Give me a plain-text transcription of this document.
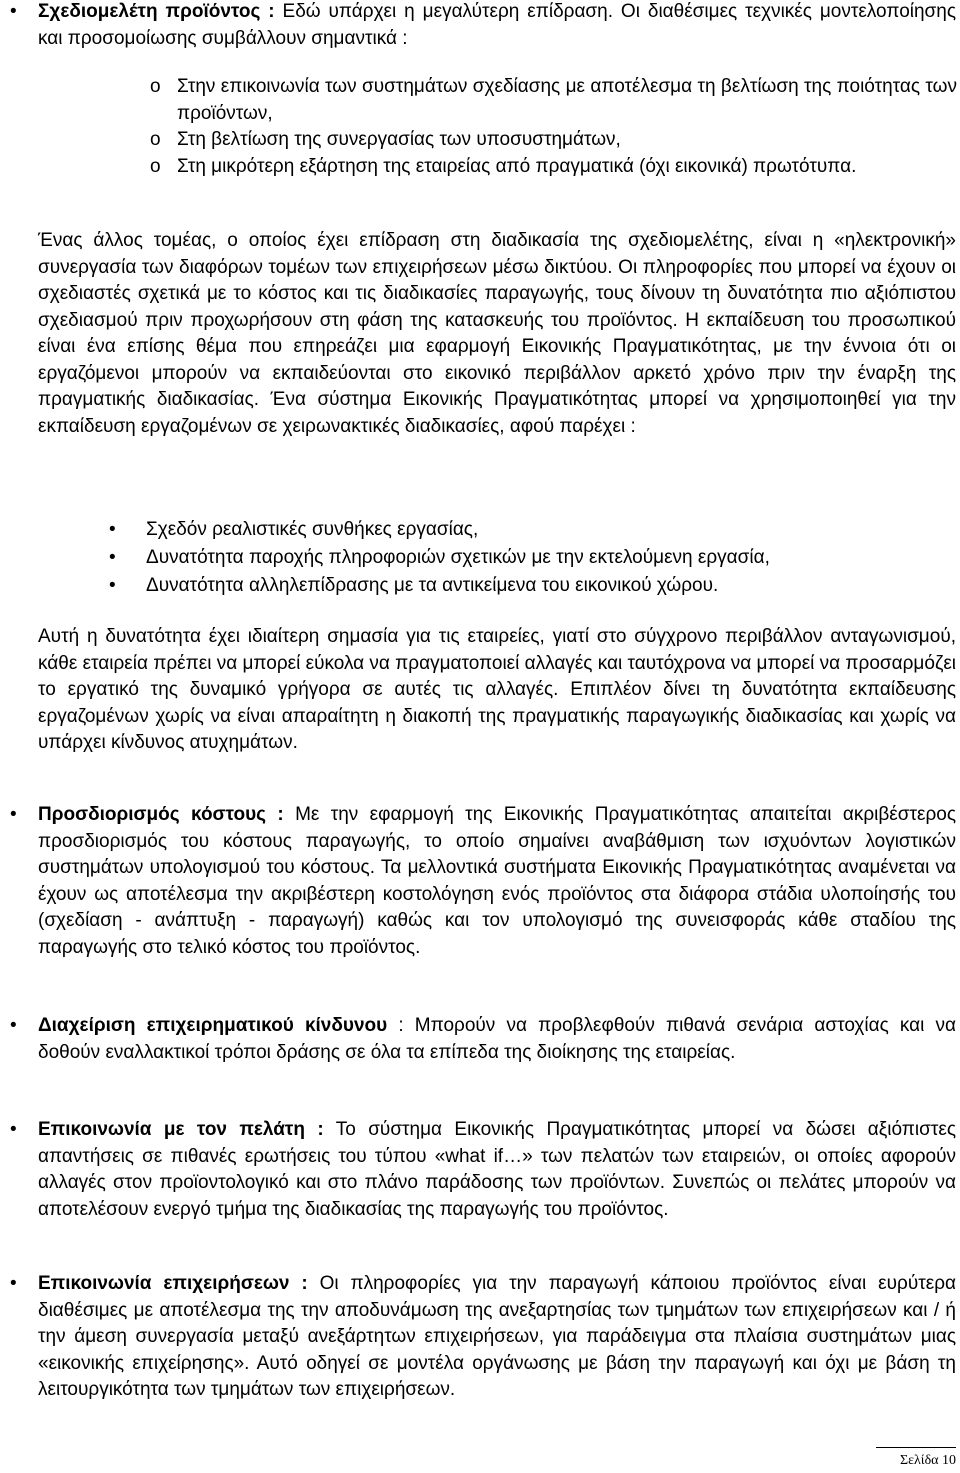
• Σχεδιομελέτη προϊόντος : Εδώ υπάρχει η μεγαλύτερη επίδραση. Οι διαθέσιμες τεχνικές μοντελοποίησης και προσομοίωσης συμβάλλουν σημαντικά :
o Στην επικοινωνία των συστημάτων σχεδίασης με αποτέλεσμα τη βελτίωση της ποιότητας των προϊόντων,
o Στη βελτίωση της συνεργασίας των υποσυστημάτων,
o Στη μικρότερη εξάρτηση της εταιρείας από πραγματικά (όχι εικονικά) πρωτότυπα.

Ένας άλλος τομέας, ο οποίος έχει επίδραση στη διαδικασία της σχεδιομελέτης, είναι η «ηλεκτρονική» συνεργασία των διαφόρων τομέων των επιχειρήσεων μέσω δικτύου. Οι πληροφορίες που μπορεί να έχουν οι σχεδιαστές σχετικά με το κόστος και τις διαδικασίες παραγωγής, τους δίνουν τη δυνατότητα πιο αξιόπιστου σχεδιασμού πριν προχωρήσουν στη φάση της κατασκευής του προϊόντος. Η εκπαίδευση του προσωπικού είναι ένα επίσης θέμα που επηρεάζει μια εφαρμογή Εικονικής Πραγματικότητας, με την έννοια ότι οι εργαζόμενοι μπορούν να εκπαιδεύονται στο εικονικό περιβάλλον αρκετό χρόνο πριν την έναρξη της πραγματικής διαδικασίας. Ένα σύστημα Εικονικής Πραγματικότητας μπορεί να χρησιμοποιηθεί για την εκπαίδευση εργαζομένων σε χειρωνακτικές διαδικασίες, αφού παρέχει :

• Σχεδόν ρεαλιστικές συνθήκες εργασίας,
• Δυνατότητα παροχής πληροφοριών σχετικών με την εκτελούμενη εργασία,
• Δυνατότητα αλληλεπίδρασης με τα αντικείμενα του εικονικού χώρου.

Αυτή η δυνατότητα έχει ιδιαίτερη σημασία για τις εταιρείες, γιατί στο σύγχρονο περιβάλλον ανταγωνισμού, κάθε εταιρεία πρέπει να μπορεί εύκολα να πραγματοποιεί αλλαγές και ταυτόχρονα να μπορεί να προσαρμόζει το εργατικό της δυναμικό γρήγορα σε αυτές τις αλλαγές. Επιπλέον δίνει τη δυνατότητα εκπαίδευσης εργαζομένων χωρίς να είναι απαραίτητη η διακοπή της πραγματικής παραγωγικής διαδικασίας και χωρίς να υπάρχει κίνδυνος ατυχημάτων.

• Προσδιορισμός κόστους : Με την εφαρμογή της Εικονικής Πραγματικότητας απαιτείται ακριβέστερος προσδιορισμός του κόστους παραγωγής, το οποίο σημαίνει αναβάθμιση των ισχυόντων λογιστικών συστημάτων υπολογισμού του κόστους. Τα μελλοντικά συστήματα Εικονικής Πραγματικότητας αναμένεται να έχουν ως αποτέλεσμα την ακριβέστερη κοστολόγηση ενός προϊόντος στα διάφορα στάδια υλοποίησής του (σχεδίαση - ανάπτυξη - παραγωγή) καθώς και τον υπολογισμό της συνεισφοράς κάθε σταδίου της παραγωγής στο τελικό κόστος του προϊόντος.
• Διαχείριση επιχειρηματικού κίνδυνου : Μπορούν να προβλεφθούν πιθανά σενάρια αστοχίας και να δοθούν εναλλακτικοί τρόποι δράσης σε όλα τα επίπεδα της διοίκησης της εταιρείας.
• Επικοινωνία με τον πελάτη : Το σύστημα Εικονικής Πραγματικότητας μπορεί να δώσει αξιόπιστες απαντήσεις σε πιθανές ερωτήσεις του τύπου «what if…» των πελατών των εταιρειών, οι οποίες αφορούν αλλαγές στον προϊοντολογικό και στο πλάνο παράδοσης των προϊόντων. Συνεπώς οι πελάτες μπορούν να αποτελέσουν ενεργό τμήμα της διαδικασίας της παραγωγής του προϊόντος.
• Επικοινωνία επιχειρήσεων : Οι πληροφορίες για την παραγωγή κάποιου προϊόντος είναι ευρύτερα διαθέσιμες με αποτέλεσμα της την αποδυνάμωση της ανεξαρτησίας των τμημάτων των επιχειρήσεων και / ή την άμεση συνεργασία μεταξύ ανεξάρτητων επιχειρήσεων, για παράδειγμα στα πλαίσια συστημάτων μιας «εικονικής επιχείρησης». Αυτό οδηγεί σε μοντέλα οργάνωσης με βάση την παραγωγή και όχι με βάση τη λειτουργικότητα των τμημάτων των επιχειρήσεων.
Σελίδα 10
